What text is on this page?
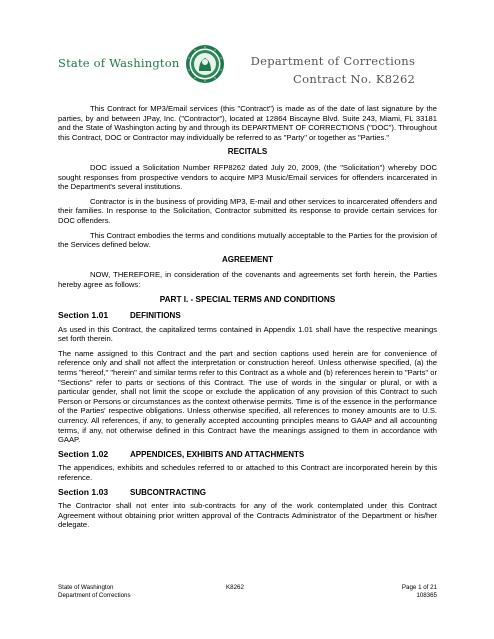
State of Washington	Department of Corrections
Contract No. K8262

This Contract for MP3/Email services (this "Contract") is made as of the date of last signature by the parties, by and between JPay, Inc. ("Contractor"), located at 12864 Biscayne Blvd. Suite 243, Miami, FL 33181 and the State of Washington acting by and through its DEPARTMENT OF CORRECTIONS ("DOC"). Throughout this Contract, DOC or Contractor may individually be referred to as "Party" or together as "Parties."

RECITALS

DOC issued a Solicitation Number RFP8262 dated July 20, 2009, (the "Solicitation") whereby DOC sought responses from prospective vendors to acquire MP3 Music/Email services for offenders incarcerated in the Department's several institutions.

Contractor is in the business of providing MP3, E-mail and other services to incarcerated offenders and their families. In response to the Solicitation, Contractor submitted its response to provide certain services for DOC offenders.

This Contract embodies the terms and conditions mutually acceptable to the Parties for the provision of the Services defined below.

AGREEMENT

NOW, THEREFORE, in consideration of the covenants and agreements set forth herein, the Parties hereby agree as follows:

PART I. - SPECIAL TERMS AND CONDITIONS
Section 1.01	DEFINITIONS

As used in this Contract, the capitalized terms contained in Appendix 1.01 shall have the respective meanings set forth therein.

The name assigned to this Contract and the part and section captions used herein are for convenience of reference only and shall not affect the interpretation or construction hereof. Unless otherwise specified, (a) the terms "hereof," "herein" and similar terms refer to this Contract as a whole and (b) references herein to "Parts" or "Sections" refer to parts or sections of this Contract. The use of words in the singular or plural, or with a particular gender, shall not limit the scope or exclude the application of any provision of this Contract to such Person or Persons or circumstances as the context otherwise permits. Time is of the essence in the performance of the Parties' respective obligations. Unless otherwise specified, all references to money amounts are to U.S. currency. All references, if any, to generally accepted accounting principles means to GAAP and all accounting terms, if any, not otherwise defined in this Contract have the meanings assigned to them in accordance with GAAP.

Section 1.02	APPENDICES, EXHIBITS AND ATTACHMENTS

The appendices, exhibits and schedules referred to or attached to this Contract are incorporated herein by this reference.

Section 1.03	SUBCONTRACTING

The Contractor shall not enter into sub-contracts for any of the work contemplated under this Contract Agreement without obtaining prior written approval of the Contracts Administrator of the Department or his/her delegate.

State of Washington
Department of Corrections
K8262	Page 1 of 21
108365
